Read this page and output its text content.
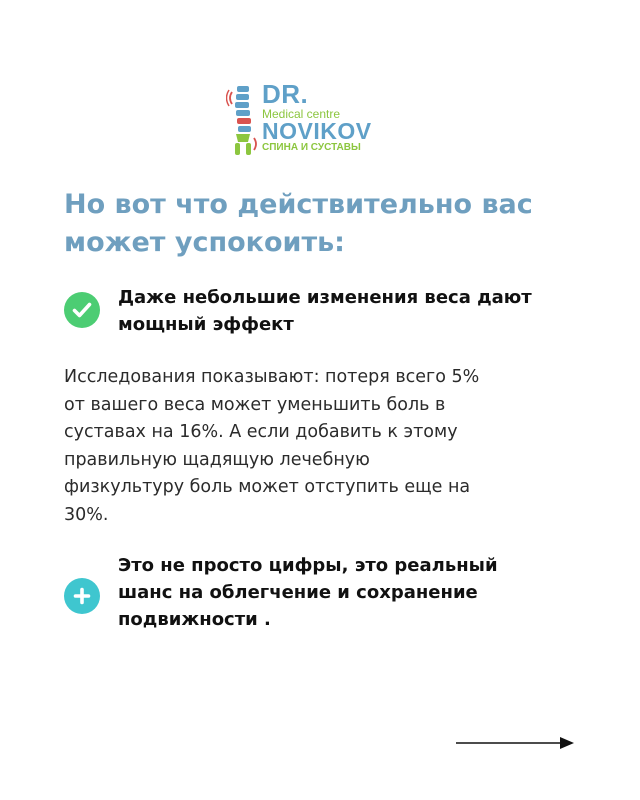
DR.
Medical centre
NOVIKOV
СПИНА И СУСТАВЫ
Но вот что действительно вас может успокоить:
Даже небольшие изменения веса дают мощный эффект

Исследования показывают: потеря всего 5% от вашего веса может уменьшить боль в суставах на 16%. А если добавить к этому правильную щадящую лечебную физкультуру боль может отступить еще на 30%.

Это не просто цифры, это реальный шанс на облегчение и сохранение подвижности .
